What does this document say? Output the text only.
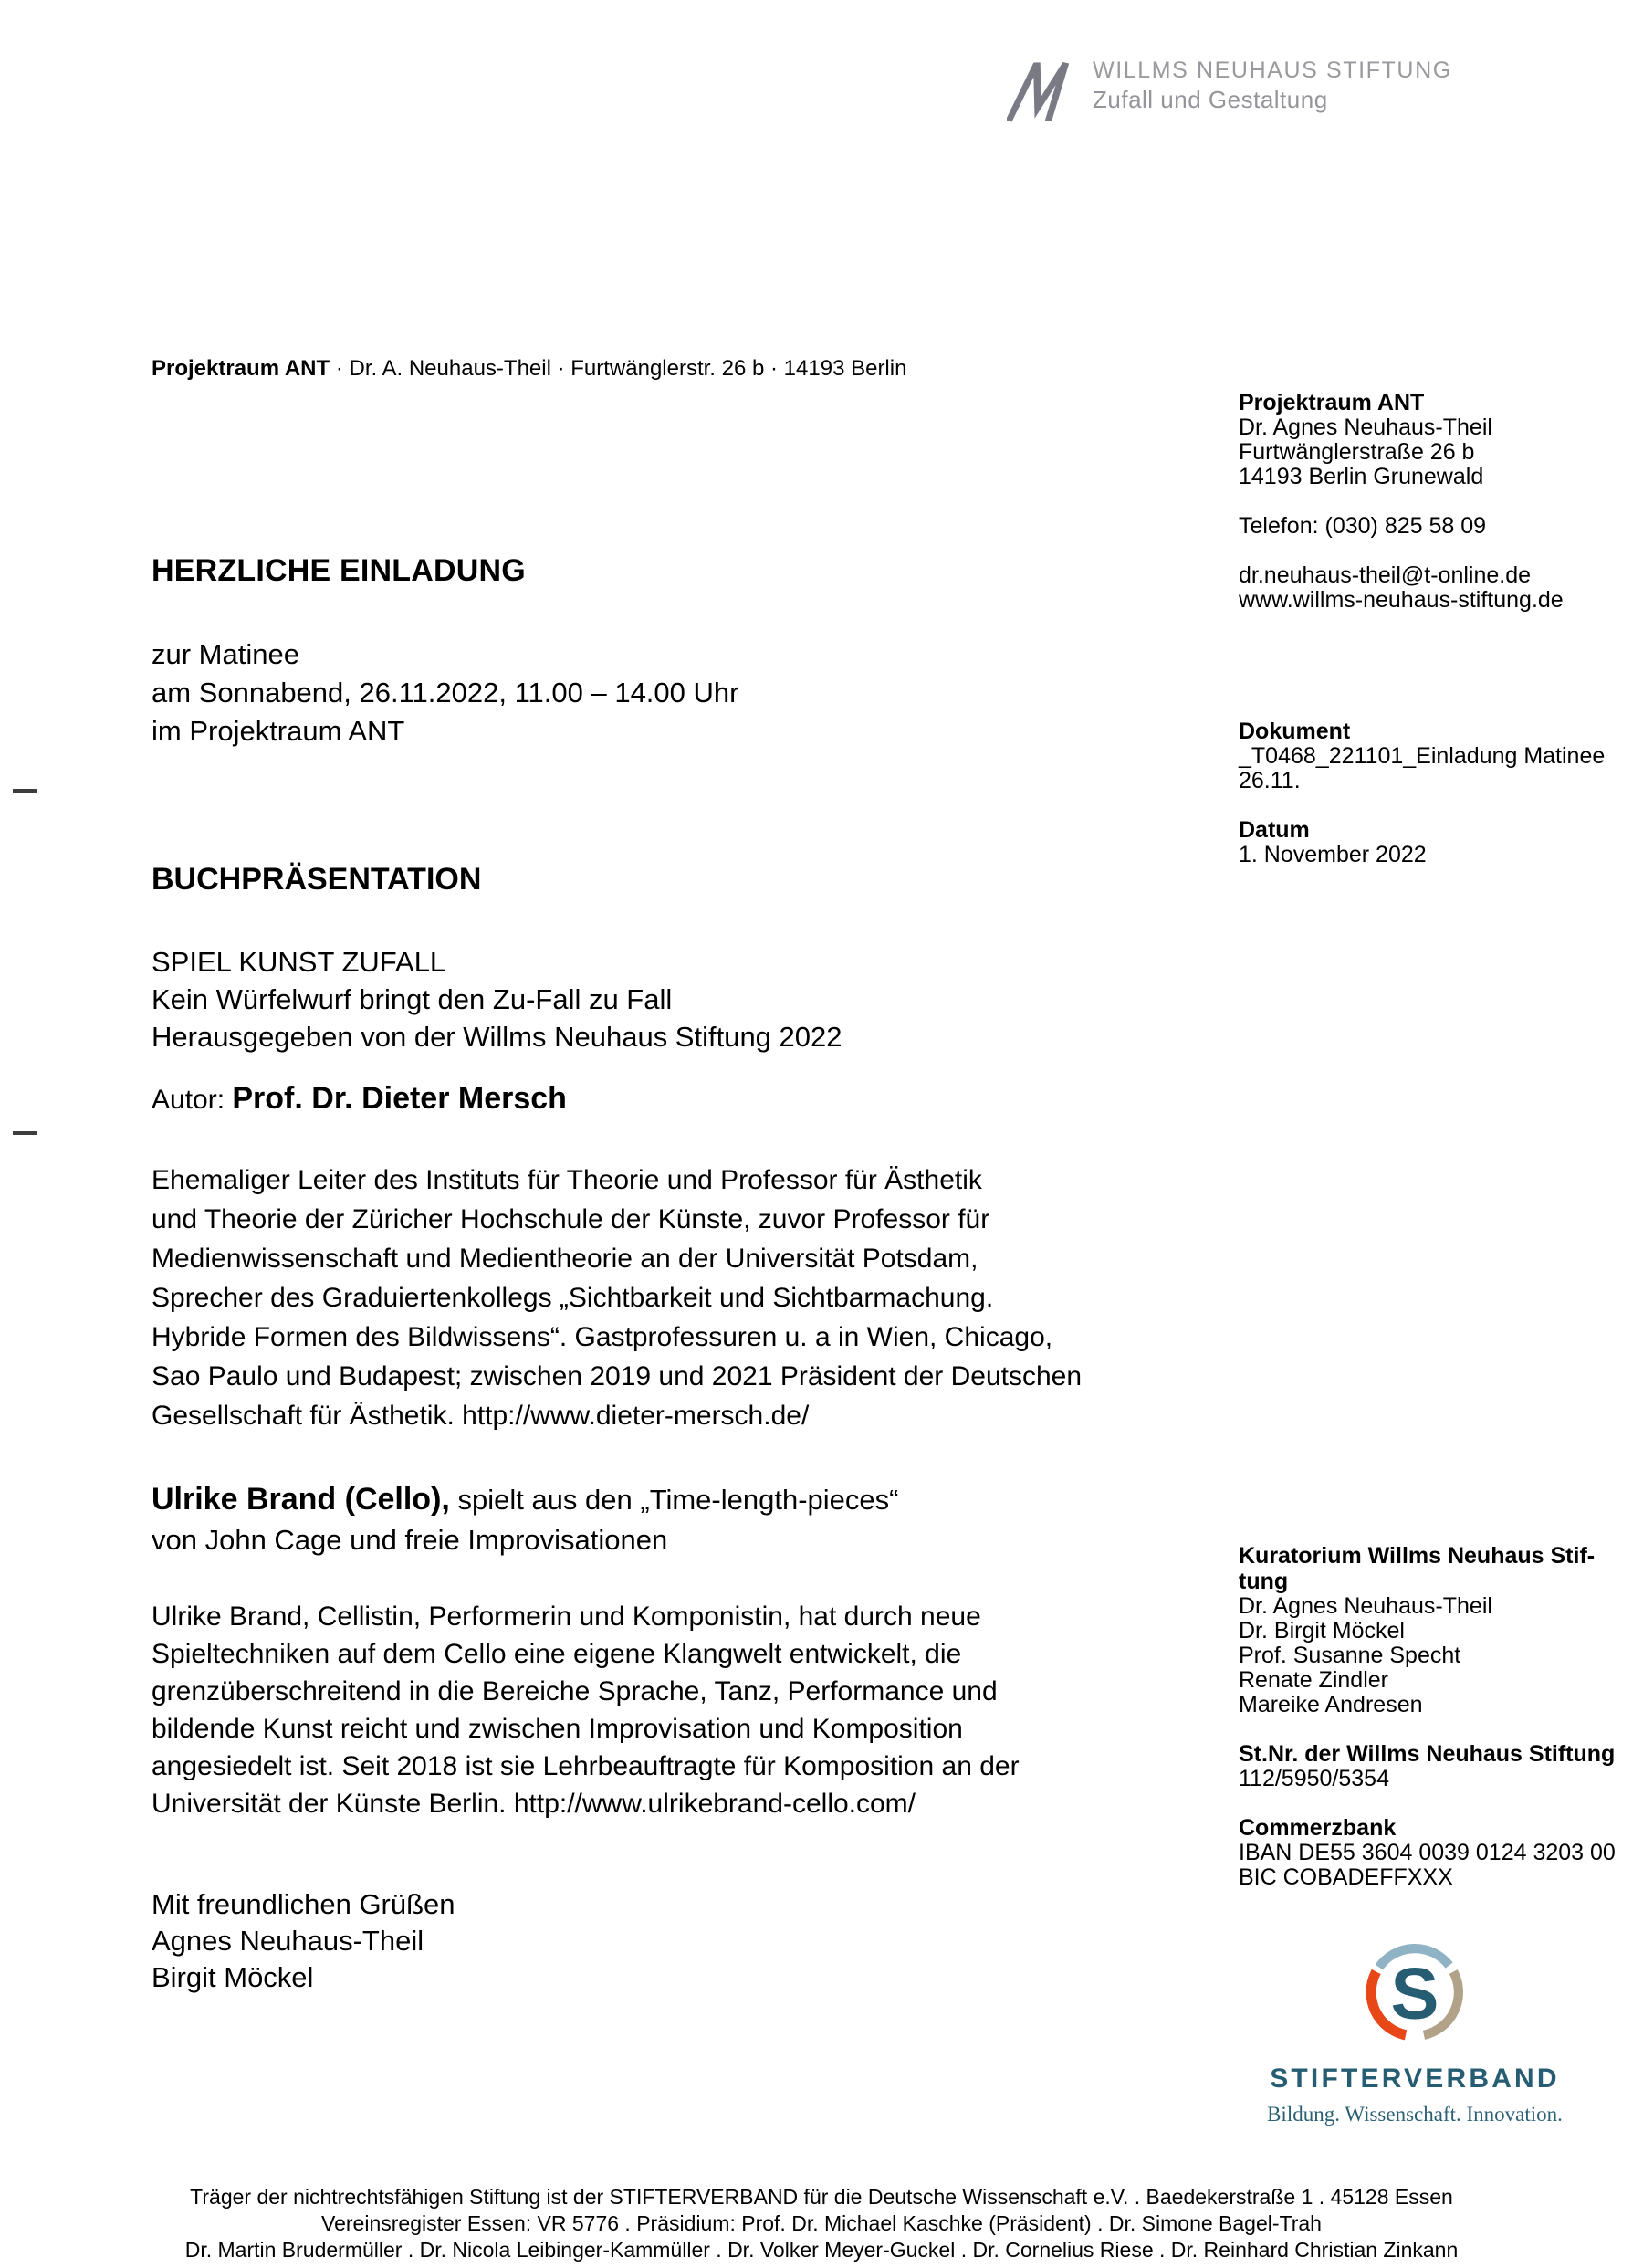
WILLMS NEUHAUS STIFTUNG
Zufall und Gestaltung
Projektraum ANT · Dr. A. Neuhaus-Theil · Furtwänglerstr. 26 b · 14193 Berlin
HERZLICHE EINLADUNG
zur Matinee
am Sonnabend, 26.11.2022, 11.00 – 14.00 Uhr
im Projektraum ANT
BUCHPRÄSENTATION
SPIEL KUNST ZUFALL
Kein Würfelwurf bringt den Zu-Fall zu Fall
Herausgegeben von der Willms Neuhaus Stiftung 2022
Autor: Prof. Dr. Dieter Mersch
Ehemaliger Leiter des Instituts für Theorie und Professor für Ästhetik
und Theorie der Züricher Hochschule der Künste, zuvor Professor für
Medienwissenschaft und Medientheorie an der Universität Potsdam,
Sprecher des Graduiertenkollegs „Sichtbarkeit und Sichtbarmachung.
Hybride Formen des Bildwissens“. Gastprofessuren u. a in Wien, Chicago,
Sao Paulo und Budapest; zwischen 2019 und 2021 Präsident der Deutschen
Gesellschaft für Ästhetik. http://www.dieter-mersch.de/
Ulrike Brand (Cello), spielt aus den „Time-length-pieces“
von John Cage und freie Improvisationen
Ulrike Brand, Cellistin, Performerin und Komponistin, hat durch neue
Spieltechniken auf dem Cello eine eigene Klangwelt entwickelt, die
grenzüberschreitend in die Bereiche Sprache, Tanz, Performance und
bildende Kunst reicht und zwischen Improvisation und Komposition
angesiedelt ist. Seit 2018 ist sie Lehrbeauftragte für Komposition an der
Universität der Künste Berlin. http://www.ulrikebrand-cello.com/
Mit freundlichen Grüßen
Agnes Neuhaus-Theil
Birgit Möckel
Projektraum ANT
Dr. Agnes Neuhaus-Theil
Furtwänglerstraße 26 b
14193 Berlin Grunewald
Telefon: (030) 825 58 09
dr.neuhaus-theil@t-online.de
www.willms-neuhaus-stiftung.de
Dokument
_T0468_221101_Einladung Matinee
26.11.
Datum
1. November 2022
Kuratorium Willms Neuhaus Stif-
tung
Dr. Agnes Neuhaus-Theil
Dr. Birgit Möckel
Prof. Susanne Specht
Renate Zindler
Mareike Andresen
St.Nr. der Willms Neuhaus Stiftung
112/5950/5354
Commerzbank
IBAN DE55 3604 0039 0124 3203 00
BIC COBADEFFXXX
S
STIFTERVERBAND
Bildung. Wissenschaft. Innovation.
Träger der nichtrechtsfähigen Stiftung ist der STIFTERVERBAND für die Deutsche Wissenschaft e.V. . Baedekerstraße 1 . 45128 Essen
Vereinsregister Essen: VR 5776 . Präsidium: Prof. Dr. Michael Kaschke (Präsident) . Dr. Simone Bagel-Trah
Dr. Martin Brudermüller . Dr. Nicola Leibinger-Kammüller . Dr. Volker Meyer-Guckel . Dr. Cornelius Riese . Dr. Reinhard Christian Zinkann
